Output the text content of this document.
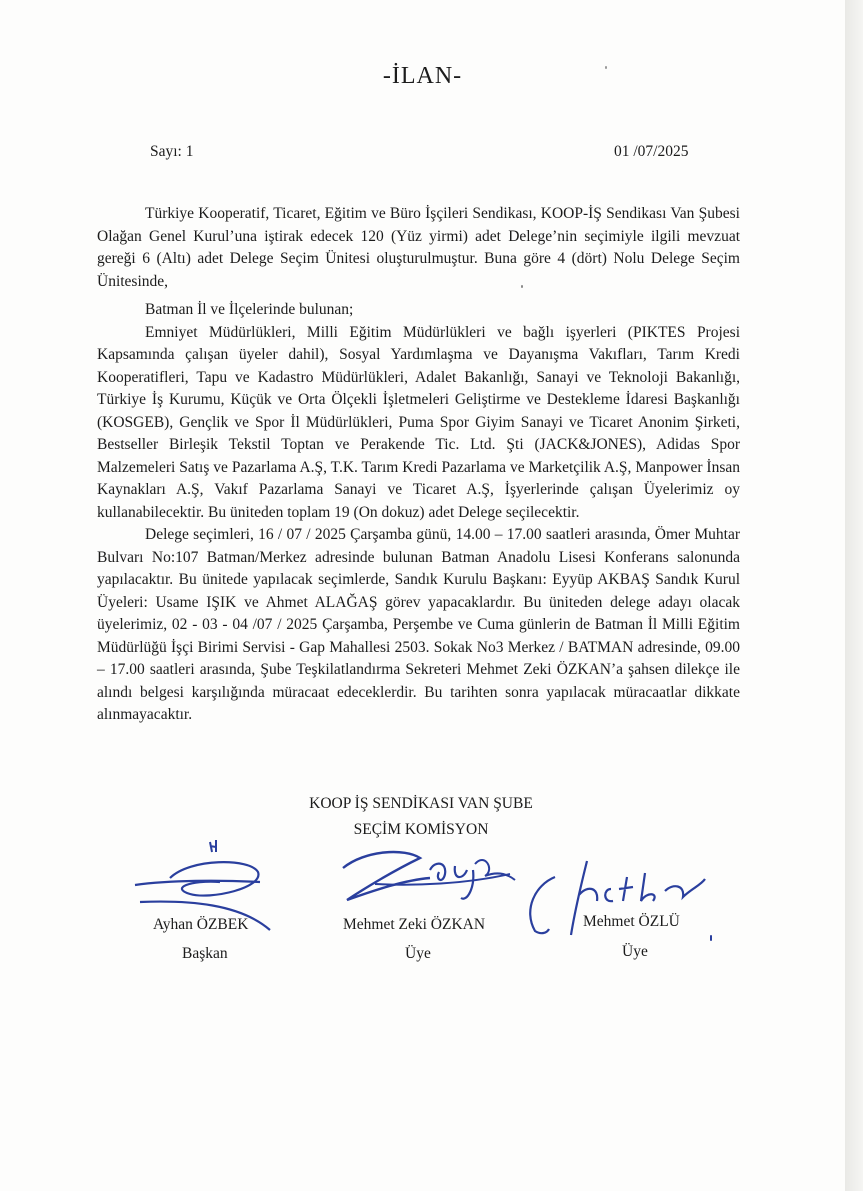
-İLAN-
Sayı: 1	01 /07/2025

Türkiye Kooperatif, Ticaret, Eğitim ve Büro İşçileri Sendikası, KOOP-İŞ Sendikası Van Şubesi Olağan Genel Kurul’una iştirak edecek 120 (Yüz yirmi) adet Delege’nin seçimiyle ilgili mevzuat gereği 6 (Altı) adet Delege Seçim Ünitesi oluşturulmuştur. Buna göre 4 (dört) Nolu Delege Seçim Ünitesinde,

Batman İl ve İlçelerinde bulunan;

Emniyet Müdürlükleri, Milli Eğitim Müdürlükleri ve bağlı işyerleri (PIKTES Projesi Kapsamında çalışan üyeler dahil), Sosyal Yardımlaşma ve Dayanışma Vakıfları, Tarım Kredi Kooperatifleri, Tapu ve Kadastro Müdürlükleri, Adalet Bakanlığı, Sanayi ve Teknoloji Bakanlığı, Türkiye İş Kurumu, Küçük ve Orta Ölçekli İşletmeleri Geliştirme ve Destekleme İdaresi Başkanlığı (KOSGEB), Gençlik ve Spor İl Müdürlükleri, Puma Spor Giyim Sanayi ve Ticaret Anonim Şirketi, Bestseller Birleşik Tekstil Toptan ve Perakende Tic. Ltd. Şti (JACK&JONES), Adidas Spor Malzemeleri Satış ve Pazarlama A.Ş, T.K. Tarım Kredi Pazarlama ve Marketçilik A.Ş, Manpower İnsan Kaynakları A.Ş, Vakıf Pazarlama Sanayi ve Ticaret A.Ş, İşyerlerinde çalışan Üyelerimiz oy kullanabilecektir. Bu üniteden toplam 19 (On dokuz) adet Delege seçilecektir.

Delege seçimleri, 16 / 07 / 2025 Çarşamba günü, 14.00 – 17.00 saatleri arasında, Ömer Muhtar Bulvarı No:107 Batman/Merkez adresinde bulunan Batman Anadolu Lisesi Konferans salonunda yapılacaktır. Bu ünitede yapılacak seçimlerde, Sandık Kurulu Başkanı: Eyyüp AKBAŞ Sandık Kurul Üyeleri: Usame IŞIK ve Ahmet ALAĞAŞ görev yapacaklardır. Bu üniteden delege adayı olacak üyelerimiz, 02 - 03 - 04 /07 / 2025 Çarşamba, Perşembe ve Cuma günlerin de Batman İl Milli Eğitim Müdürlüğü İşçi Birimi Servisi - Gap Mahallesi 2503. Sokak No3 Merkez / BATMAN adresinde, 09.00 – 17.00 saatleri arasında, Şube Teşkilatlandırma Sekreteri Mehmet Zeki ÖZKAN’a şahsen dilekçe ile alındı belgesi karşılığında müracaat edeceklerdir. Bu tarihten sonra yapılacak müracaatlar dikkate alınmayacaktır.

KOOP İŞ SENDİKASI VAN ŞUBE
SEÇİM KOMİSYON
Ayhan ÖZBEK
Başkan
Mehmet Zeki ÖZKAN
Üye
Mehmet ÖZLÜ
Üye
